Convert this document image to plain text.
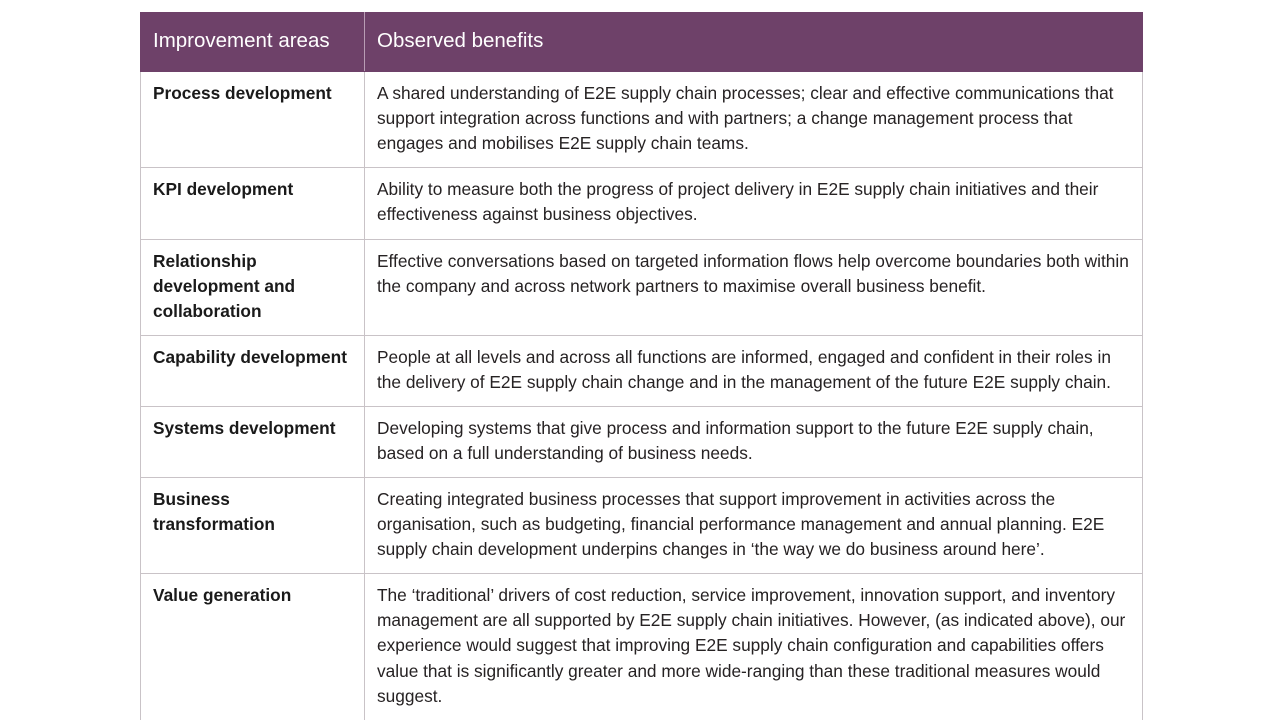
Improvement areas	Observed benefits
Process development	A shared understanding of E2E supply chain processes; clear and effective communications that support integration across functions and with partners; a change management process that engages and mobilises E2E supply chain teams.
KPI development	Ability to measure both the progress of project delivery in E2E supply chain initiatives and their effectiveness against business objectives.
Relationship development and collaboration	Effective conversations based on targeted information flows help overcome boundaries both within the company and across network partners to maximise overall business benefit.
Capability development	People at all levels and across all functions are informed, engaged and confident in their roles in the delivery of E2E supply chain change and in the management of the future E2E supply chain.
Systems development	Developing systems that give process and information support to the future E2E supply chain, based on a full understanding of business needs.
Business transformation	Creating integrated business processes that support improvement in activities across the organisation, such as budgeting, financial performance management and annual planning. E2E supply chain development underpins changes in ‘the way we do business around here’.
Value generation	The ‘traditional’ drivers of cost reduction, service improvement, innovation support, and inventory management are all supported by E2E supply chain initiatives. However, (as indicated above), our experience would suggest that improving E2E supply chain configuration and capabilities offers value that is significantly greater and more wide-ranging than these traditional measures would suggest.
